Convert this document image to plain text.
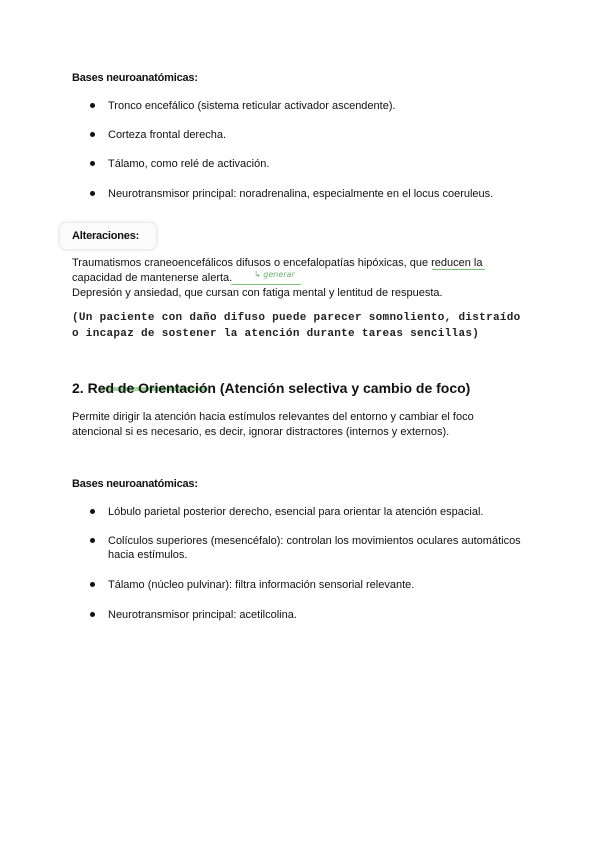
Bases neuroanatómicas:
Tronco encefálico (sistema reticular activador ascendente).
Corteza frontal derecha.
Tálamo, como relé de activación.
Neurotransmisor principal: noradrenalina, especialmente en el locus coeruleus.
Alteraciones:
Traumatismos craneoencefálicos difusos o encefalopatías hipóxicas, que reducen la
capacidad de mantenerse alerta.	↳ generar
Depresión y ansiedad, que cursan con fatiga mental y lentitud de respuesta.
(Un paciente con daño difuso puede parecer somnoliento, distraído
o incapaz de sostener la atención durante tareas sencillas)
2. Red de Orientación (Atención selectiva y cambio de foco)
Permite dirigir la atención hacia estímulos relevantes del entorno y cambiar el foco
atencional si es necesario, es decir, ignorar distractores (internos y externos).
Bases neuroanatómicas:
Lóbulo parietal posterior derecho, esencial para orientar la atención espacial.
Colículos superiores (mesencéfalo): controlan los movimientos oculares automáticos hacia estímulos.
Tálamo (núcleo pulvinar): filtra información sensorial relevante.
Neurotransmisor principal: acetilcolina.
